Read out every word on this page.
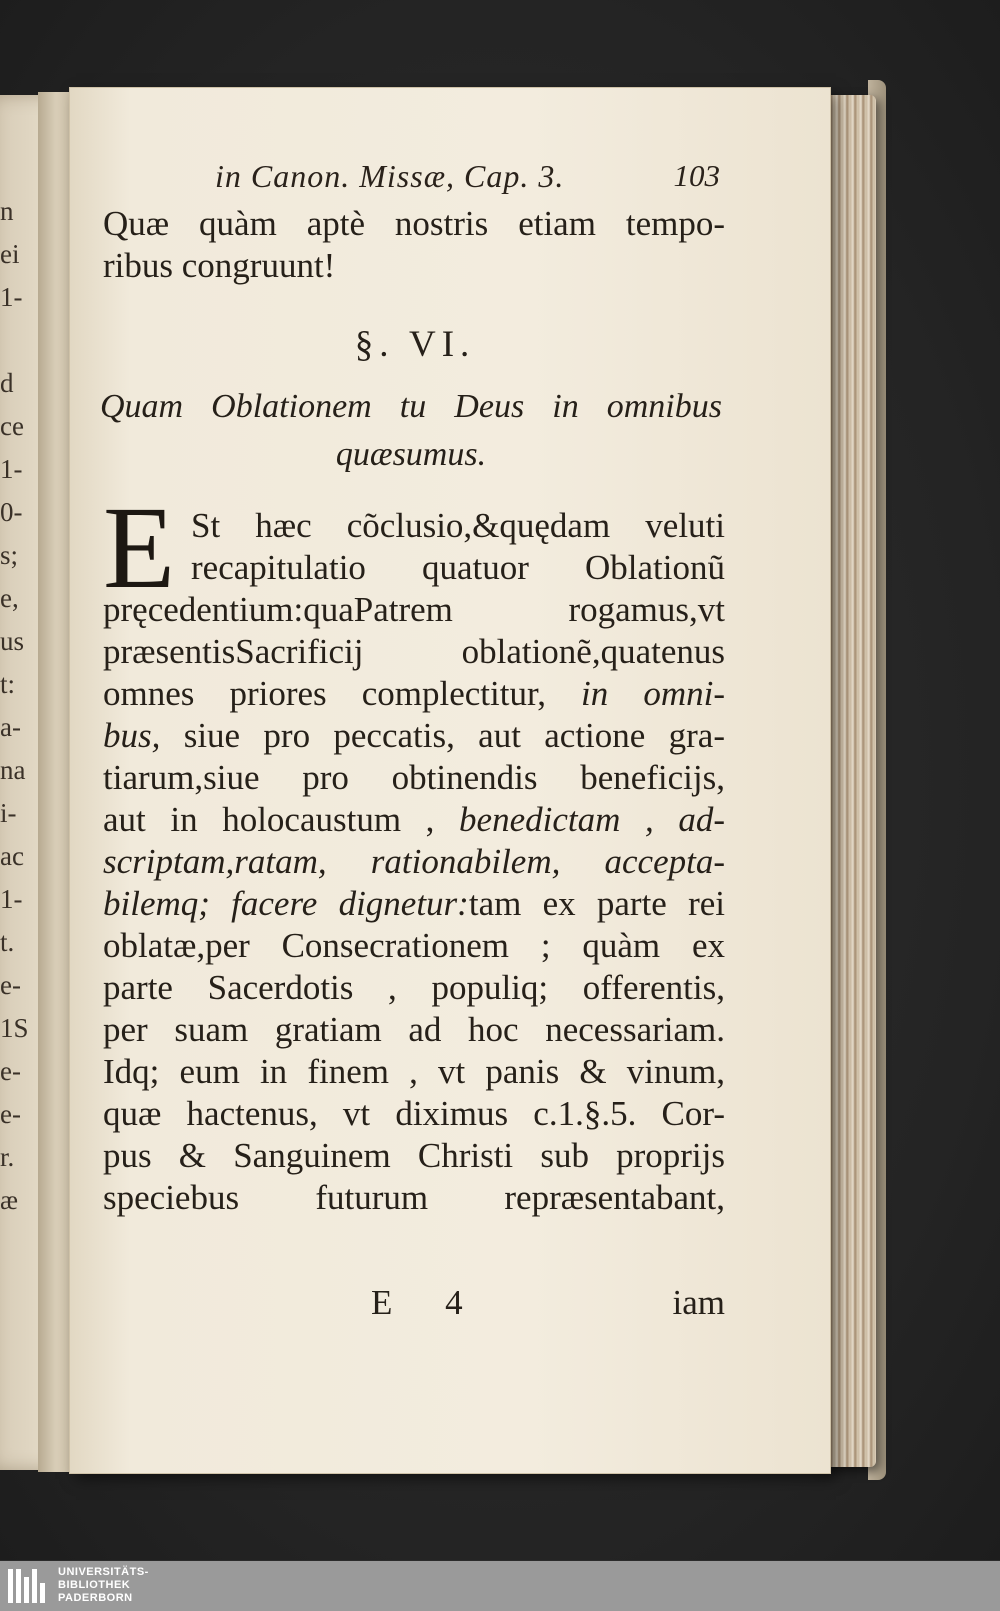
n
ei
1-
d
ce
1-
0-
s;
e,
us
t:
a-
na
i-
ac
1-
t.
e-
1S
e-
e-
r.
æ
in Canon. Missæ, Cap. 3.	103
Quæ quàm aptè nostris etiam tempo-
ribus congruunt!
§. VI.
Quam Oblationem tu Deus in omnibus
quæsumus.
E St hæc cõclusio,&quędam veluti
recapitulatio quatuor Oblationũ
pręcedentium:quaPatrem rogamus,vt
præsentisSacrificij oblationẽ,quatenus
omnes priores complectitur, in omni-
bus, siue pro peccatis, aut actione gra-
tiarum,siue pro obtinendis beneficijs,
aut in holocaustum , benedictam , ad-
scriptam,ratam, rationabilem, accepta-
bilemq; facere dignetur:tam ex parte rei
oblatæ,per Consecrationem ; quàm ex
parte Sacerdotis , populiq; offerentis,
per suam gratiam ad hoc necessariam.
Idq; eum in finem , vt panis & vinum,
quæ hactenus, vt diximus c.1.§.5. Cor-
pus & Sanguinem Christi sub proprijs
speciebus futurum repræsentabant,
E 4	iam
UNIVERSITÄTS-
BIBLIOTHEK
PADERBORN
